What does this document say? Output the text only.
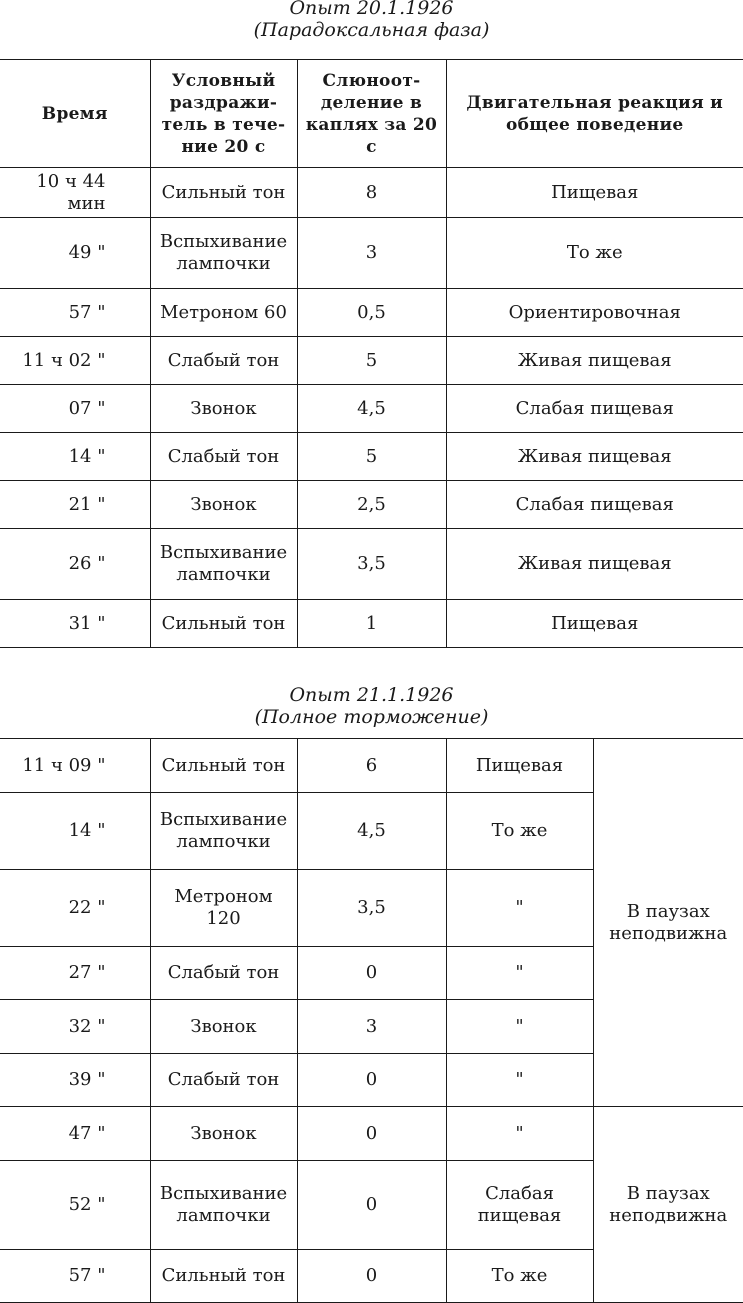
Опыт 20.1.1926
(Парадоксальная фаза)
Время	Условный раздражи-тель в тече-ние 20 с	Слюноот-деление в каплях за 20 с	Двигательная реакция и общее поведение
10 ч 44 мин	Сильный тон	8	Пищевая
49 "	Вспыхивание лампочки	3	То же
57 "	Метроном 60	0,5	Ориентировочная
11 ч 02 "	Слабый тон	5	Живая пищевая
07 "	Звонок	4,5	Слабая пищевая
14 "	Слабый тон	5	Живая пищевая
21 "	Звонок	2,5	Слабая пищевая
26 "	Вспыхивание лампочки	3,5	Живая пищевая
31 "	Сильный тон	1	Пищевая
Опыт 21.1.1926
(Полное торможение)
11 ч 09 "	Сильный тон	6	Пищевая	В паузах неподвижна
14 "	Вспыхивание лампочки	4,5	То же	
22 "	Метроном 120	3,5	"	
27 "	Слабый тон	0	"	
32 "	Звонок	3	"	
39 "	Слабый тон	0	"	
47 "	Звонок	0	"	В паузах неподвижна
52 "	Вспыхивание лампочки	0	Слабая пищевая	
57 "	Сильный тон	0	То же	
